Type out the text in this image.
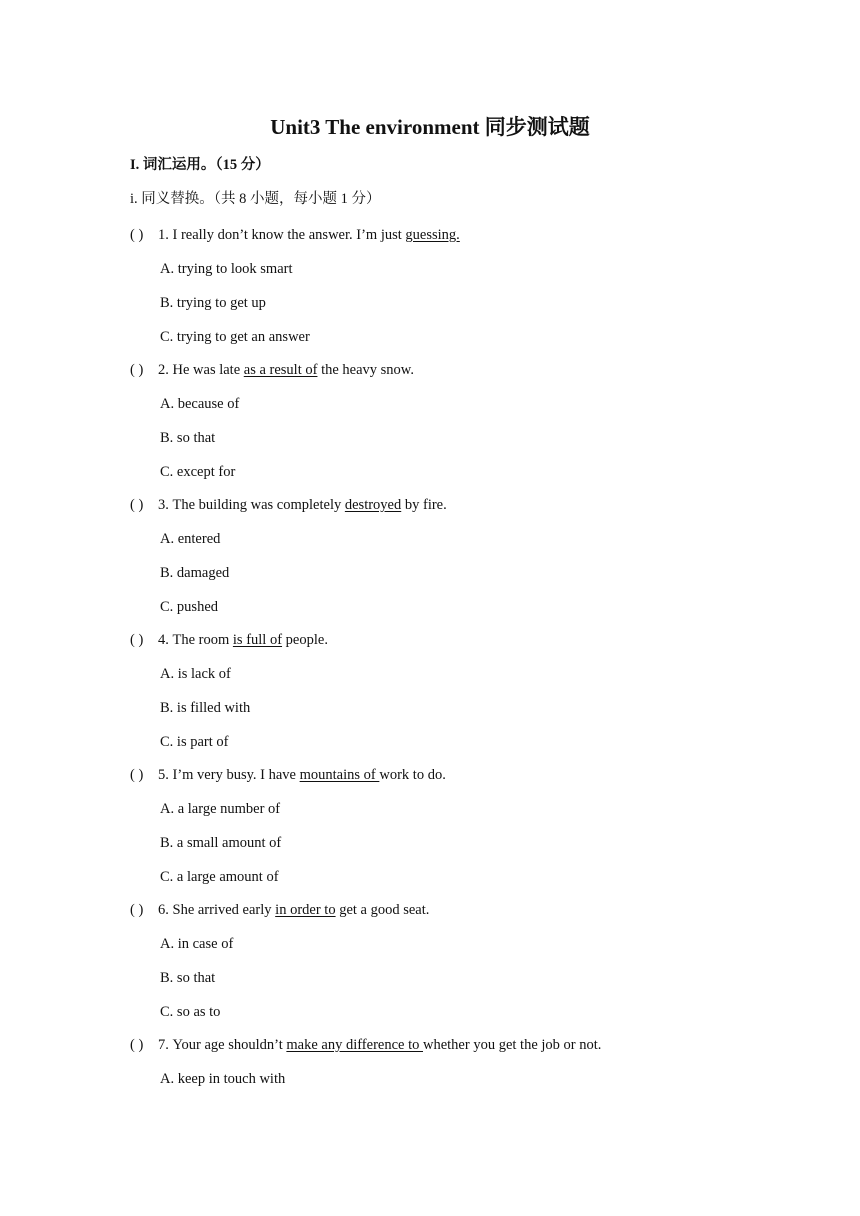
Unit3 The environment 同步测试题
I. 词汇运用。（15 分）
i. 同义替换。（共 8 小题，每小题 1 分）
( ) 1. I really don’t know the answer. I’m just guessing.
A. trying to look smart
B. trying to get up
C. trying to get an answer
( ) 2. He was late as a result of the heavy snow.
A. because of
B. so that
C. except for
( ) 3. The building was completely destroyed by fire.
A. entered
B. damaged
C. pushed
( ) 4. The room is full of people.
A. is lack of
B. is filled with
C. is part of
( ) 5. I’m very busy. I have mountains of work to do.
A. a large number of
B. a small amount of
C. a large amount of
( ) 6. She arrived early in order to get a good seat.
A. in case of
B. so that
C. so as to
( ) 7. Your age shouldn’t make any difference to whether you get the job or not.
A. keep in touch with
